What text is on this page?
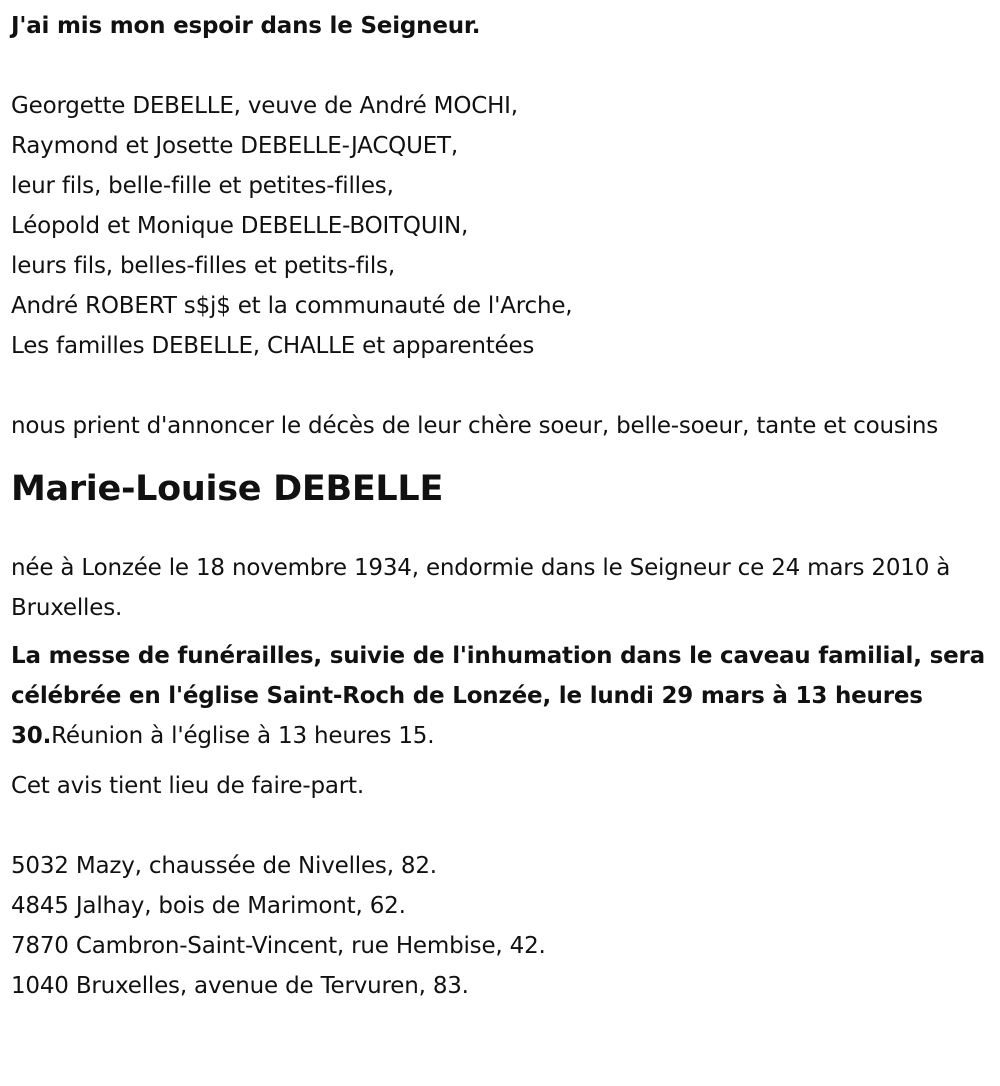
J'ai mis mon espoir dans le Seigneur.
Georgette DEBELLE, veuve de André MOCHI,
Raymond et Josette DEBELLE-JACQUET,
leur fils, belle-fille et petites-filles,
Léopold et Monique DEBELLE-BOITQUIN,
leurs fils, belles-filles et petits-fils,
André ROBERT s$j$ et la communauté de l'Arche,
Les familles DEBELLE, CHALLE et apparentées
nous prient d'annoncer le décès de leur chère soeur, belle-soeur, tante et cousins
Marie-Louise DEBELLE
née à Lonzée le 18 novembre 1934, endormie dans le Seigneur ce 24 mars 2010 à Bruxelles.
La messe de funérailles, suivie de l'inhumation dans le caveau familial, sera célébrée en l'église Saint-Roch de Lonzée, le lundi 29 mars à 13 heures 30.Réunion à l'église à 13 heures 15.
Cet avis tient lieu de faire-part.
5032 Mazy, chaussée de Nivelles, 82.
4845 Jalhay, bois de Marimont, 62.
7870 Cambron-Saint-Vincent, rue Hembise, 42.
1040 Bruxelles, avenue de Tervuren, 83.
